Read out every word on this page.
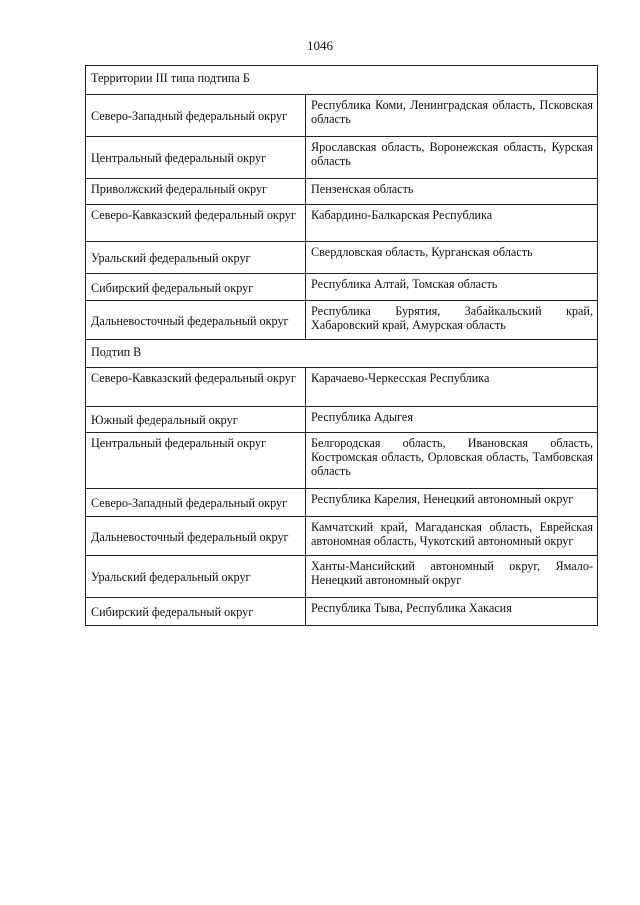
1046
Территории III типа подтипа Б	
Северо-Западный федеральный округ	Республика Коми, Ленинградская область, Псковская область
Центральный федеральный округ	Ярославская область, Воронежская область, Курская область
Приволжский федеральный округ	Пензенская область
Северо-Кавказский федеральный округ	Кабардино-Балкарская Республика
Уральский федеральный округ	Свердловская область, Курганская область
Сибирский федеральный округ	Республика Алтай, Томская область
Дальневосточный федеральный округ	Республика Бурятия, Забайкальский край, Хабаровский край, Амурская область
Подтип В	
Северо-Кавказский федеральный округ	Карачаево-Черкесская Республика
Южный федеральный округ	Республика Адыгея
Центральный федеральный округ	Белгородская область, Ивановская область, Костромская область, Орловская область, Тамбовская область
Северо-Западный федеральный округ	Республика Карелия, Ненецкий автономный округ
Дальневосточный федеральный округ	Камчатский край, Магаданская область, Еврейская автономная область, Чукотский автономный округ
Уральский федеральный округ	Ханты-Мансийский автономный округ, Ямало-Ненецкий автономный округ
Сибирский федеральный округ	Республика Тыва, Республика Хакасия
